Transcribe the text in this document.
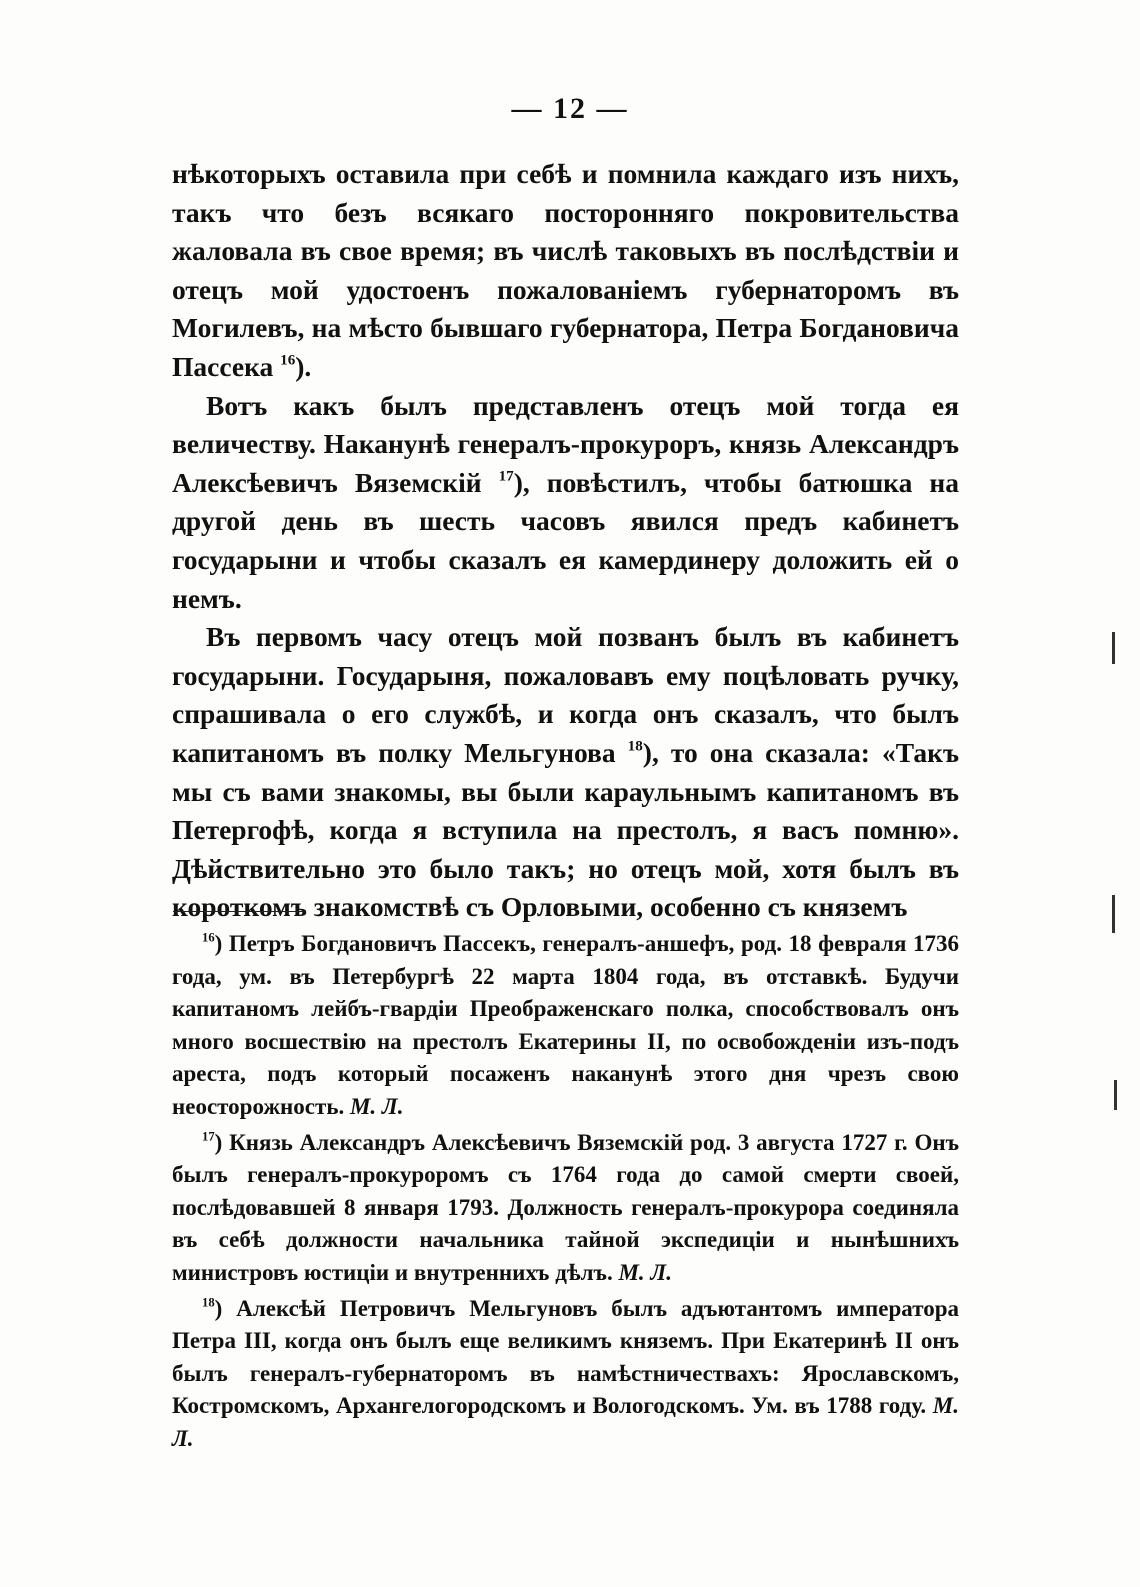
— 12 —

нѣкоторыхъ оставила при себѣ и помнила каждаго изъ нихъ, такъ что безъ всякаго посторонняго покровительства жаловала въ свое время; въ числѣ таковыхъ въ послѣдствіи и отецъ мой удостоенъ пожалованіемъ губернаторомъ въ Могилевъ, на мѣсто бывшаго губернатора, Петра Богдановича Пассека $^{16}$).

Вотъ какъ былъ представленъ отецъ мой тогда ея величеству. Наканунѣ генералъ-прокуроръ, князь Александръ Алексѣевичъ Вяземскій $^{17}$), повѣстилъ, чтобы батюшка на другой день въ шесть часовъ явился предъ кабинетъ государыни и чтобы сказалъ ея камердинеру доложить ей о немъ.

Въ первомъ часу отецъ мой позванъ былъ въ кабинетъ государыни. Государыня, пожаловавъ ему поцѣловать ручку, спрашивала о его службѣ, и когда онъ сказалъ, что былъ капитаномъ въ полку Мельгунова $^{18}$), то она сказала: «Такъ мы съ вами знакомы, вы были караульнымъ капитаномъ въ Петергофѣ, когда я вступила на престолъ, я васъ помню». Дѣйствительно это было такъ; но отецъ мой, хотя былъ въ короткомъ знакомствѣ съ Орловыми, особенно съ княземъ

$^{16}$) Петръ Богдановичъ Пассекъ, генералъ-аншефъ, род. 18 февраля 1736 года, ум. въ Петербургѣ 22 марта 1804 года, въ отставкѣ. Будучи капитаномъ лейбъ-гвардіи Преображенскаго полка, способствовалъ онъ много восшествію на престолъ Екатерины II, по освобожденіи изъ-подъ ареста, подъ который посаженъ наканунѣ этого дня чрезъ свою неосторожность. М. Л.

$^{17}$) Князь Александръ Алексѣевичъ Вяземскій род. 3 августа 1727 г. Онъ былъ генералъ-прокуроромъ съ 1764 года до самой смерти своей, послѣдовавшей 8 января 1793. Должность генералъ-прокурора соединяла въ себѣ должности начальника тайной экспедиціи и нынѣшнихъ министровъ юстиціи и внутреннихъ дѣлъ. М. Л.

$^{18}$) Алексѣй Петровичъ Мельгуновъ былъ адъютантомъ императора Петра III, когда онъ былъ еще великимъ княземъ. При Екатеринѣ II онъ былъ генералъ-губернаторомъ въ намѣстничествахъ: Ярославскомъ, Костромскомъ, Архангелогородскомъ и Вологодскомъ. Ум. въ 1788 году. М. Л.
